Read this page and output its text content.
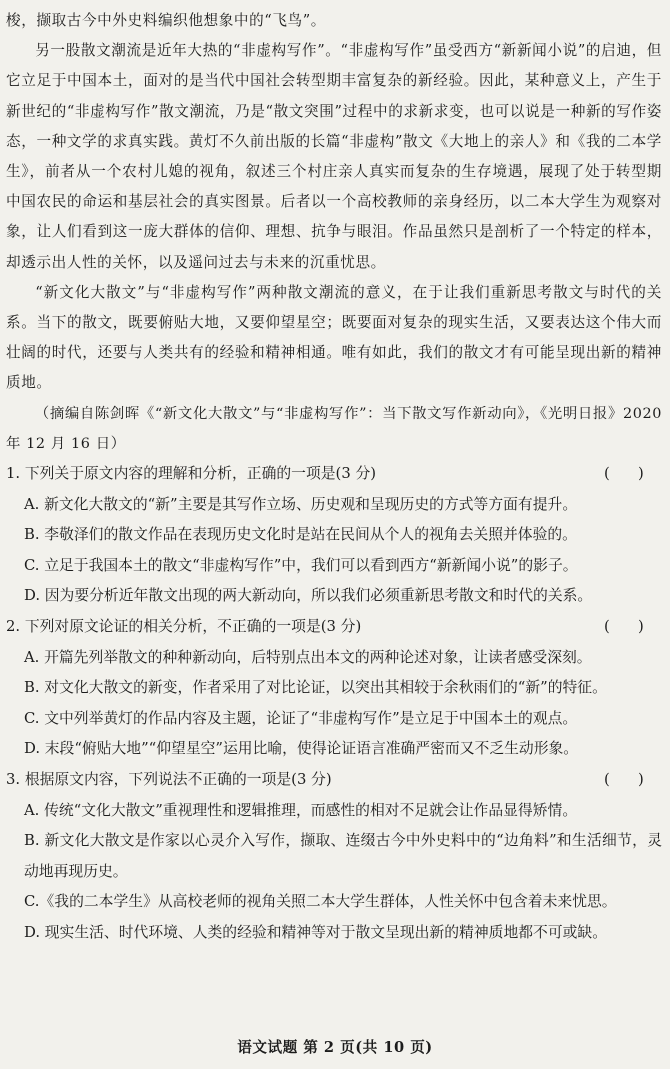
梭，撷取古今中外史料编织他想象中的“飞鸟”。

另一股散文潮流是近年大热的“非虚构写作”。“非虚构写作”虽受西方“新新闻小说”的启迪，但它立足于中国本土，面对的是当代中国社会转型期丰富复杂的新经验。因此，某种意义上，产生于新世纪的“非虚构写作”散文潮流，乃是“散文突围”过程中的求新求变，也可以说是一种新的写作姿态，一种文学的求真实践。黄灯不久前出版的长篇“非虚构”散文《大地上的亲人》和《我的二本学生》，前者从一个农村儿媳的视角，叙述三个村庄亲人真实而复杂的生存境遇，展现了处于转型期中国农民的命运和基层社会的真实图景。后者以一个高校教师的亲身经历，以二本大学生为观察对象，让人们看到这一庞大群体的信仰、理想、抗争与眼泪。作品虽然只是剖析了一个特定的样本，却透示出人性的关怀，以及遥问过去与未来的沉重忧思。

“新文化大散文”与“非虚构写作”两种散文潮流的意义，在于让我们重新思考散文与时代的关系。当下的散文，既要俯贴大地，又要仰望星空；既要面对复杂的现实生活，又要表达这个伟大而壮阔的时代，还要与人类共有的经验和精神相通。唯有如此，我们的散文才有可能呈现出新的精神质地。

（摘编自陈剑晖《“新文化大散文”与“非虚构写作”：当下散文写作新动向》，《光明日报》2020 年 12 月 16 日）

1. 下列关于原文内容的理解和分析，正确的一项是(3 分)	(      )

A. 新文化大散文的“新”主要是其写作立场、历史观和呈现历史的方式等方面有提升。

B. 李敬泽们的散文作品在表现历史文化时是站在民间从个人的视角去关照并体验的。

C. 立足于我国本土的散文“非虚构写作”中，我们可以看到西方“新新闻小说”的影子。

D. 因为要分析近年散文出现的两大新动向，所以我们必须重新思考散文和时代的关系。

2. 下列对原文论证的相关分析，不正确的一项是(3 分)	(      )

A. 开篇先列举散文的种种新动向，后特别点出本文的两种论述对象，让读者感受深刻。

B. 对文化大散文的新变，作者采用了对比论证，以突出其相较于余秋雨们的“新”的特征。

C. 文中列举黄灯的作品内容及主题，论证了“非虚构写作”是立足于中国本土的观点。

D. 末段“俯贴大地”“仰望星空”运用比喻，使得论证语言准确严密而又不乏生动形象。

3. 根据原文内容，下列说法不正确的一项是(3 分)	(      )

A. 传统“文化大散文”重视理性和逻辑推理，而感性的相对不足就会让作品显得矫情。

B. 新文化大散文是作家以心灵介入写作，撷取、连缀古今中外史料中的“边角料”和生活细节，灵动地再现历史。

C.《我的二本学生》从高校老师的视角关照二本大学生群体，人性关怀中包含着未来忧思。

D. 现实生活、时代环境、人类的经验和精神等对于散文呈现出新的精神质地都不可或缺。

语文试题 第 2 页(共 10 页)
